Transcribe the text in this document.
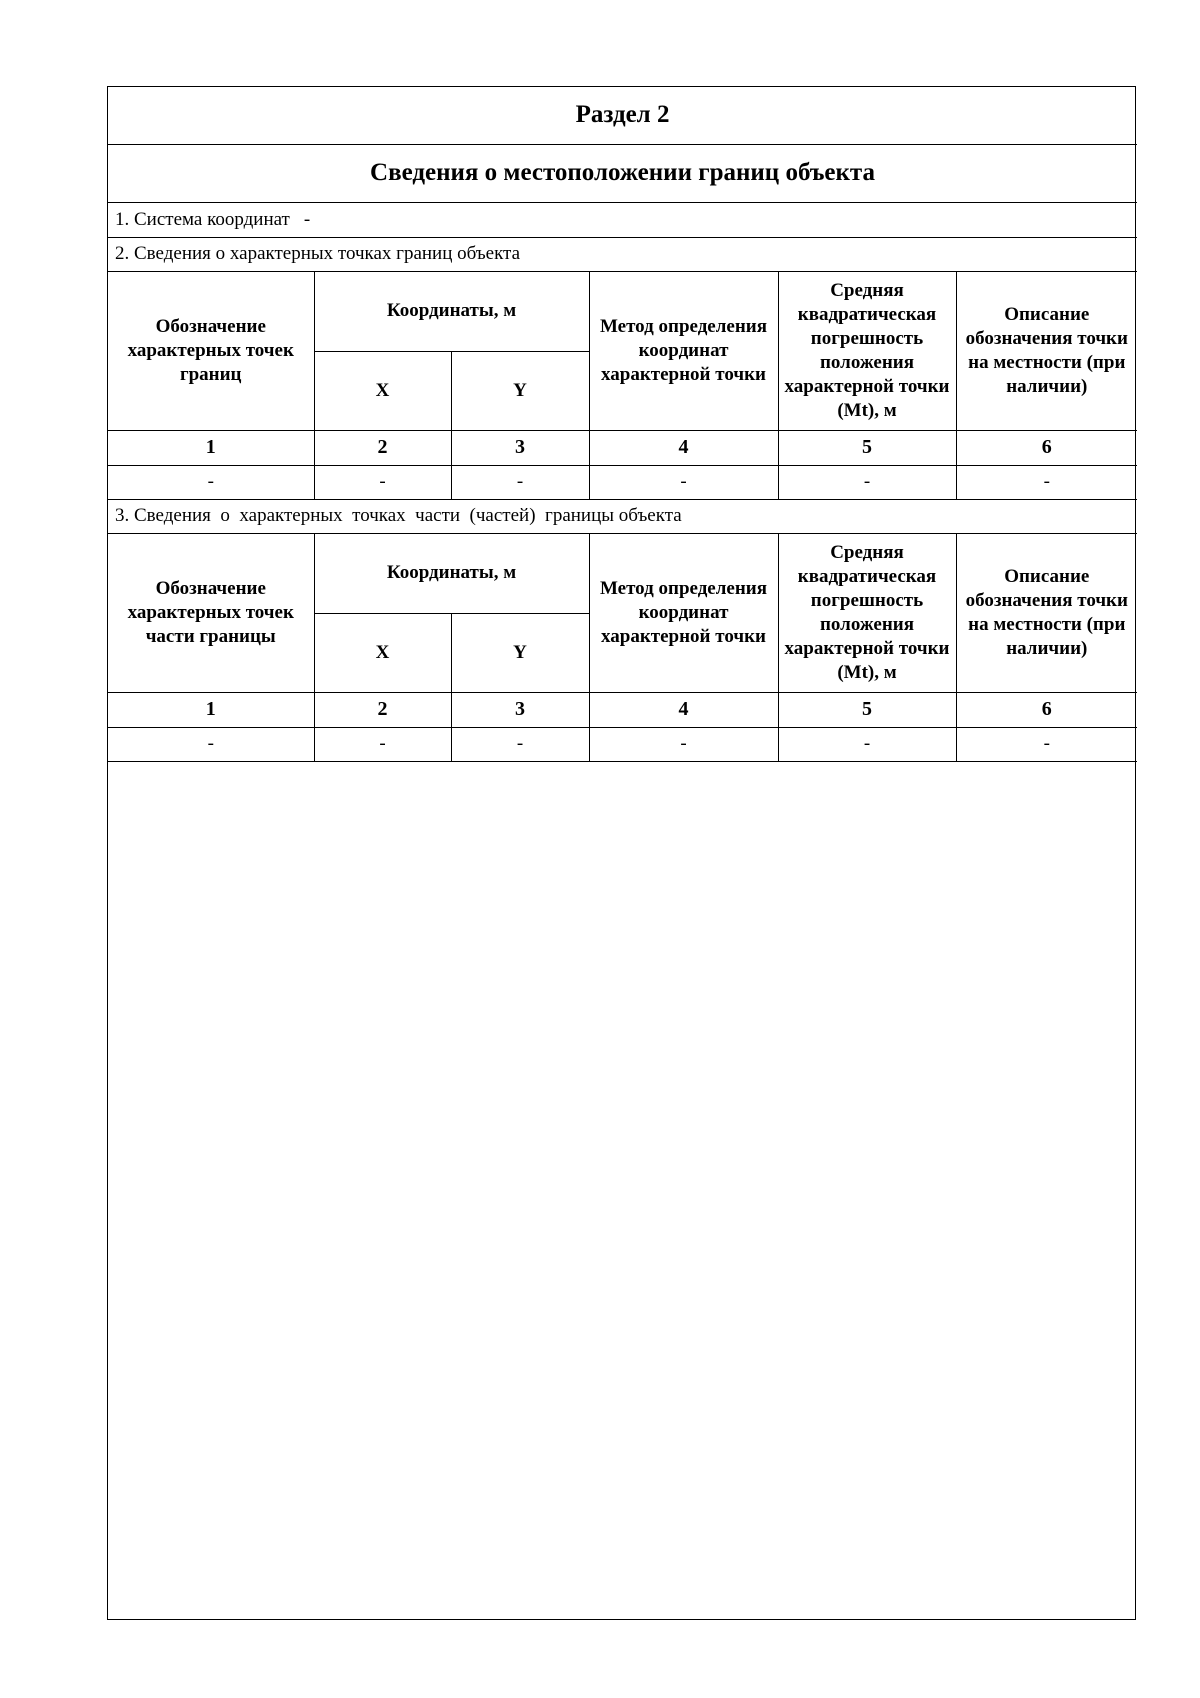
Раздел 2					
Сведения о местоположении границ объекта					
1. Система координат -					
2. Сведения о характерных точках границ объекта					
Обозначение характерных точек границ	Координаты, м		Метод определения координат характерной точки	Средняя квадратическая погрешность положения характерной точки (Mt), м	Описание обозначения точки на местности (при наличии)
	X	Y			
1	2	3	4	5	6
-	-	-	-	-	-
3. Сведения  о  характерных  точках  части  (частей)  границы объекта					
Обозначение характерных точек части границы	Координаты, м		Метод определения координат характерной точки	Средняя квадратическая погрешность положения характерной точки (Mt), м	Описание обозначения точки на местности (при наличии)
	X	Y			
1	2	3	4	5	6
-	-	-	-	-	-
